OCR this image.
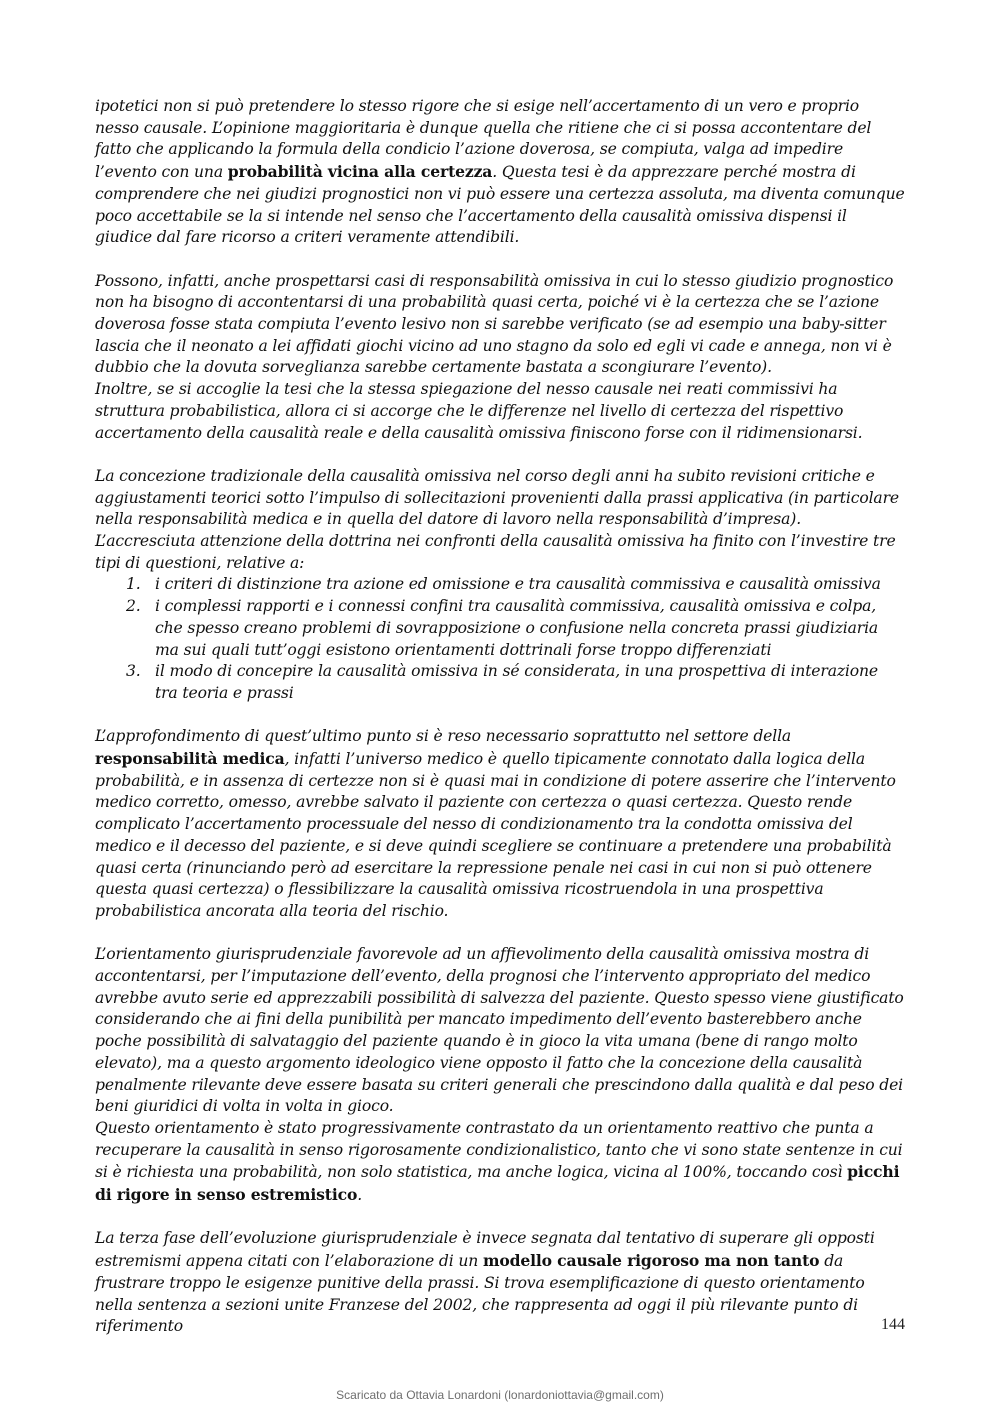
ipotetici non si può pretendere lo stesso rigore che si esige nell’accertamento di un vero e proprio nesso causale. L’opinione maggioritaria è dunque quella che ritiene che ci si possa accontentare del fatto che applicando la formula della condicio l’azione doverosa, se compiuta, valga ad impedire l’evento con una probabilità vicina alla certezza. Questa tesi è da apprezzare perché mostra di comprendere che nei giudizi prognostici non vi può essere una certezza assoluta, ma diventa comunque poco accettabile se la si intende nel senso che l’accertamento della causalità omissiva dispensi il giudice dal fare ricorso a criteri veramente attendibili.

Possono, infatti, anche prospettarsi casi di responsabilità omissiva in cui lo stesso giudizio prognostico non ha bisogno di accontentarsi di una probabilità quasi certa, poiché vi è la certezza che se l’azione doverosa fosse stata compiuta l’evento lesivo non si sarebbe verificato (se ad esempio una baby-sitter lascia che il neonato a lei affidati giochi vicino ad uno stagno da solo ed egli vi cade e annega, non vi è dubbio che la dovuta sorveglianza sarebbe certamente bastata a scongiurare l’evento).

Inoltre, se si accoglie la tesi che la stessa spiegazione del nesso causale nei reati commissivi ha struttura probabilistica, allora ci si accorge che le differenze nel livello di certezza del rispettivo accertamento della causalità reale e della causalità omissiva finiscono forse con il ridimensionarsi.

La concezione tradizionale della causalità omissiva nel corso degli anni ha subito revisioni critiche e aggiustamenti teorici sotto l’impulso di sollecitazioni provenienti dalla prassi applicativa (in particolare nella responsabilità medica e in quella del datore di lavoro nella responsabilità d’impresa). L’accresciuta attenzione della dottrina nei confronti della causalità omissiva ha finito con l’investire tre tipi di questioni, relative a:

1. i criteri di distinzione tra azione ed omissione e tra causalità commissiva e causalità omissiva
2. i complessi rapporti e i connessi confini tra causalità commissiva, causalità omissiva e colpa, che spesso creano problemi di sovrapposizione o confusione nella concreta prassi giudiziaria ma sui quali tutt’oggi esistono orientamenti dottrinali forse troppo differenziati
3. il modo di concepire la causalità omissiva in sé considerata, in una prospettiva di interazione tra teoria e prassi

L’approfondimento di quest’ultimo punto si è reso necessario soprattutto nel settore della responsabilità medica, infatti l’universo medico è quello tipicamente connotato dalla logica della probabilità, e in assenza di certezze non si è quasi mai in condizione di potere asserire che l’intervento medico corretto, omesso, avrebbe salvato il paziente con certezza o quasi certezza. Questo rende complicato l’accertamento processuale del nesso di condizionamento tra la condotta omissiva del medico e il decesso del paziente, e si deve quindi scegliere se continuare a pretendere una probabilità quasi certa (rinunciando però ad esercitare la repressione penale nei casi in cui non si può ottenere questa quasi certezza) o flessibilizzare la causalità omissiva ricostruendola in una prospettiva probabilistica ancorata alla teoria del rischio.

L’orientamento giurisprudenziale favorevole ad un affievolimento della causalità omissiva mostra di accontentarsi, per l’imputazione dell’evento, della prognosi che l’intervento appropriato del medico avrebbe avuto serie ed apprezzabili possibilità di salvezza del paziente. Questo spesso viene giustificato considerando che ai fini della punibilità per mancato impedimento dell’evento basterebbero anche poche possibilità di salvataggio del paziente quando è in gioco la vita umana (bene di rango molto elevato), ma a questo argomento ideologico viene opposto il fatto che la concezione della causalità penalmente rilevante deve essere basata su criteri generali che prescindono dalla qualità e dal peso dei beni giuridici di volta in volta in gioco.

Questo orientamento è stato progressivamente contrastato da un orientamento reattivo che punta a recuperare la causalità in senso rigorosamente condizionalistico, tanto che vi sono state sentenze in cui si è richiesta una probabilità, non solo statistica, ma anche logica, vicina al 100%, toccando così picchi di rigore in senso estremistico.

La terza fase dell’evoluzione giurisprudenziale è invece segnata dal tentativo di superare gli opposti estremismi appena citati con l’elaborazione di un modello causale rigoroso ma non tanto da frustrare troppo le esigenze punitive della prassi. Si trova esemplificazione di questo orientamento nella sentenza a sezioni unite Franzese del 2002, che rappresenta ad oggi il più rilevante punto di riferimento	144
Scaricato da Ottavia Lonardoni (lonardoniottavia@gmail.com)
